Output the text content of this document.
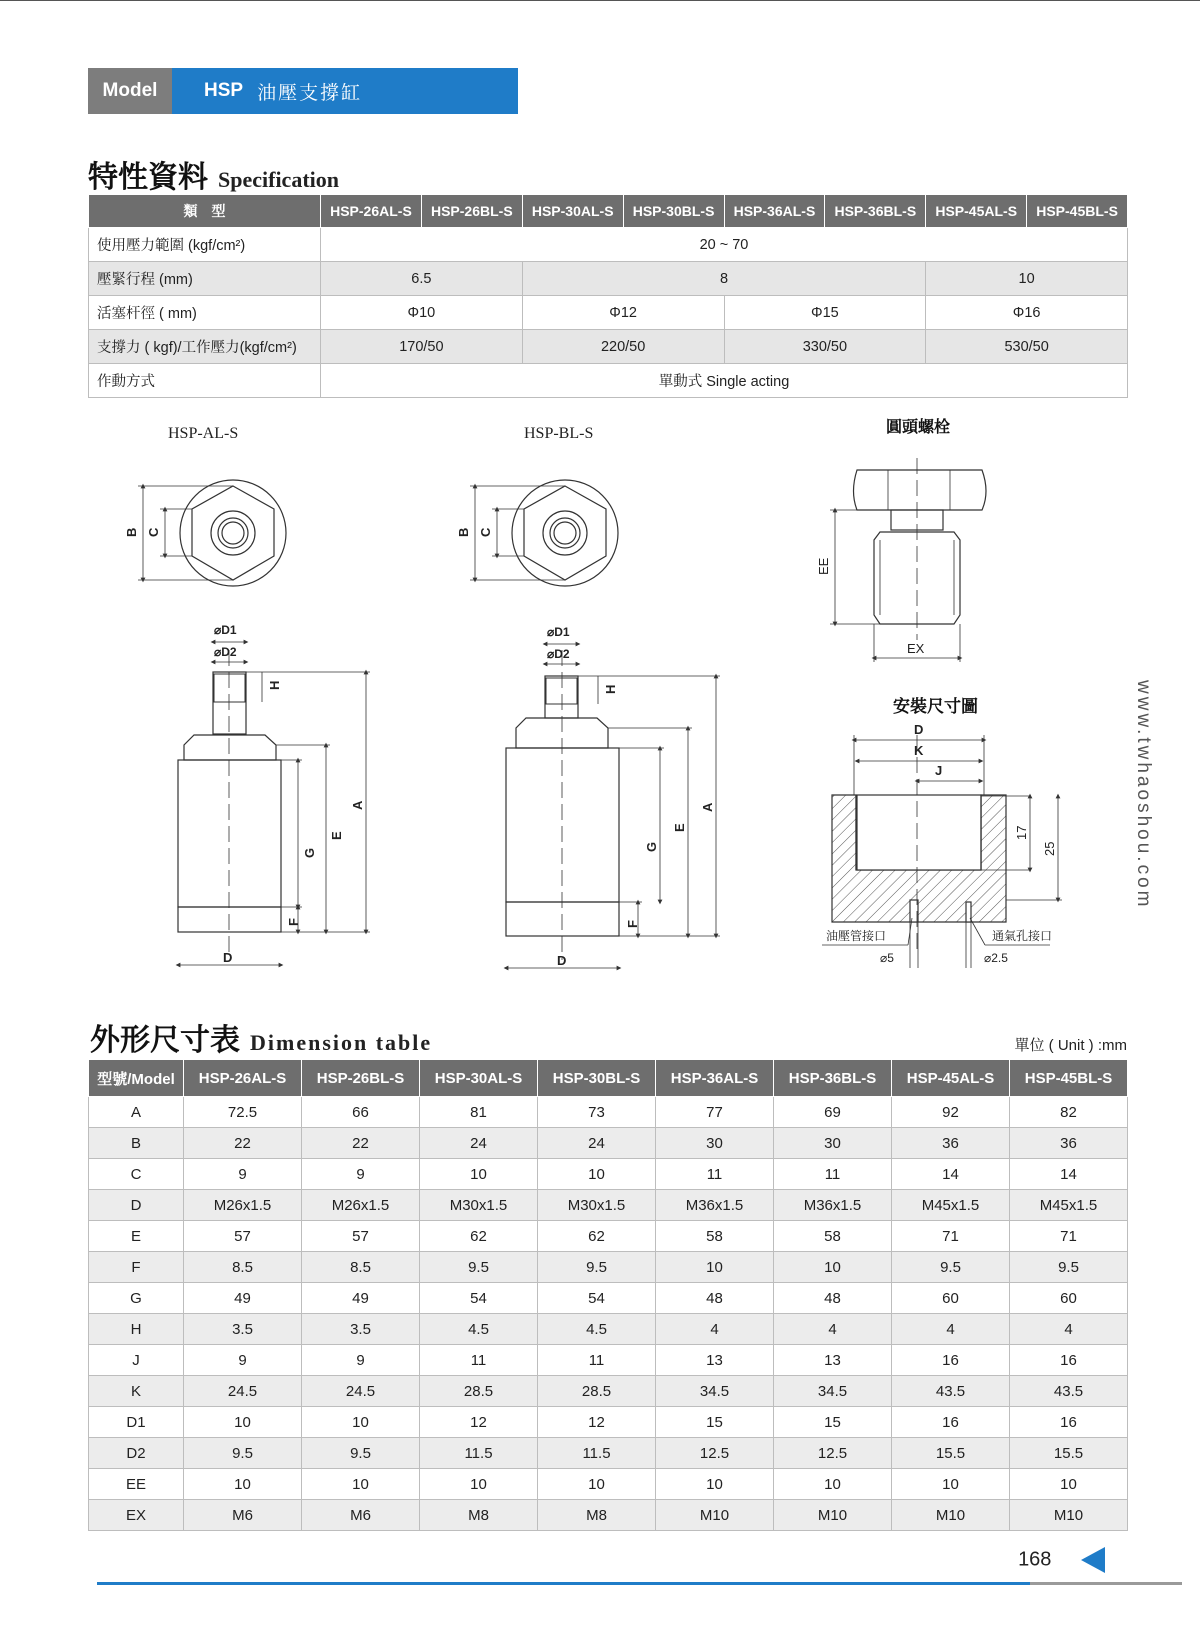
Model	HSP 油壓支撐缸
特性資料 Specification
類　型	HSP-26AL-S	HSP-26BL-S	HSP-30AL-S	HSP-30BL-S	HSP-36AL-S	HSP-36BL-S	HSP-45AL-S	HSP-45BL-S
使用壓力範圍 (kgf/cm²)	20 ~ 70							
壓緊行程 (mm)	6.5		8				10	
活塞杆徑 ( mm)	Φ10		Φ12		Φ15		Φ16	
支撐力 ( kgf)/工作壓力(kgf/cm²)	170/50		220/50		330/50		530/50	
作動方式	單動式 Single acting							
HSP-AL-S
B C
⌀D1
⌀D2
H
A
E
G
F
D
HSP-BL-S
B C
⌀D1
⌀D2
H
A
E
G
F
D
圓頭螺栓
EE
EX
安裝尺寸圖
D
K
J
17
25
油壓管接口	通氣孔接口
⌀5	⌀2.5
www.twhaoshou.com
外形尺寸表 Dimension table	單位 ( Unit ) :mm
型號/Model	HSP-26AL-S	HSP-26BL-S	HSP-30AL-S	HSP-30BL-S	HSP-36AL-S	HSP-36BL-S	HSP-45AL-S	HSP-45BL-S
A	72.5	66	81	73	77	69	92	82
B	22	22	24	24	30	30	36	36
C	9	9	10	10	11	11	14	14
D	M26x1.5	M26x1.5	M30x1.5	M30x1.5	M36x1.5	M36x1.5	M45x1.5	M45x1.5
E	57	57	62	62	58	58	71	71
F	8.5	8.5	9.5	9.5	10	10	9.5	9.5
G	49	49	54	54	48	48	60	60
H	3.5	3.5	4.5	4.5	4	4	4	4
J	9	9	11	11	13	13	16	16
K	24.5	24.5	28.5	28.5	34.5	34.5	43.5	43.5
D1	10	10	12	12	15	15	16	16
D2	9.5	9.5	11.5	11.5	12.5	12.5	15.5	15.5
EE	10	10	10	10	10	10	10	10
EX	M6	M6	M8	M8	M10	M10	M10	M10
168
